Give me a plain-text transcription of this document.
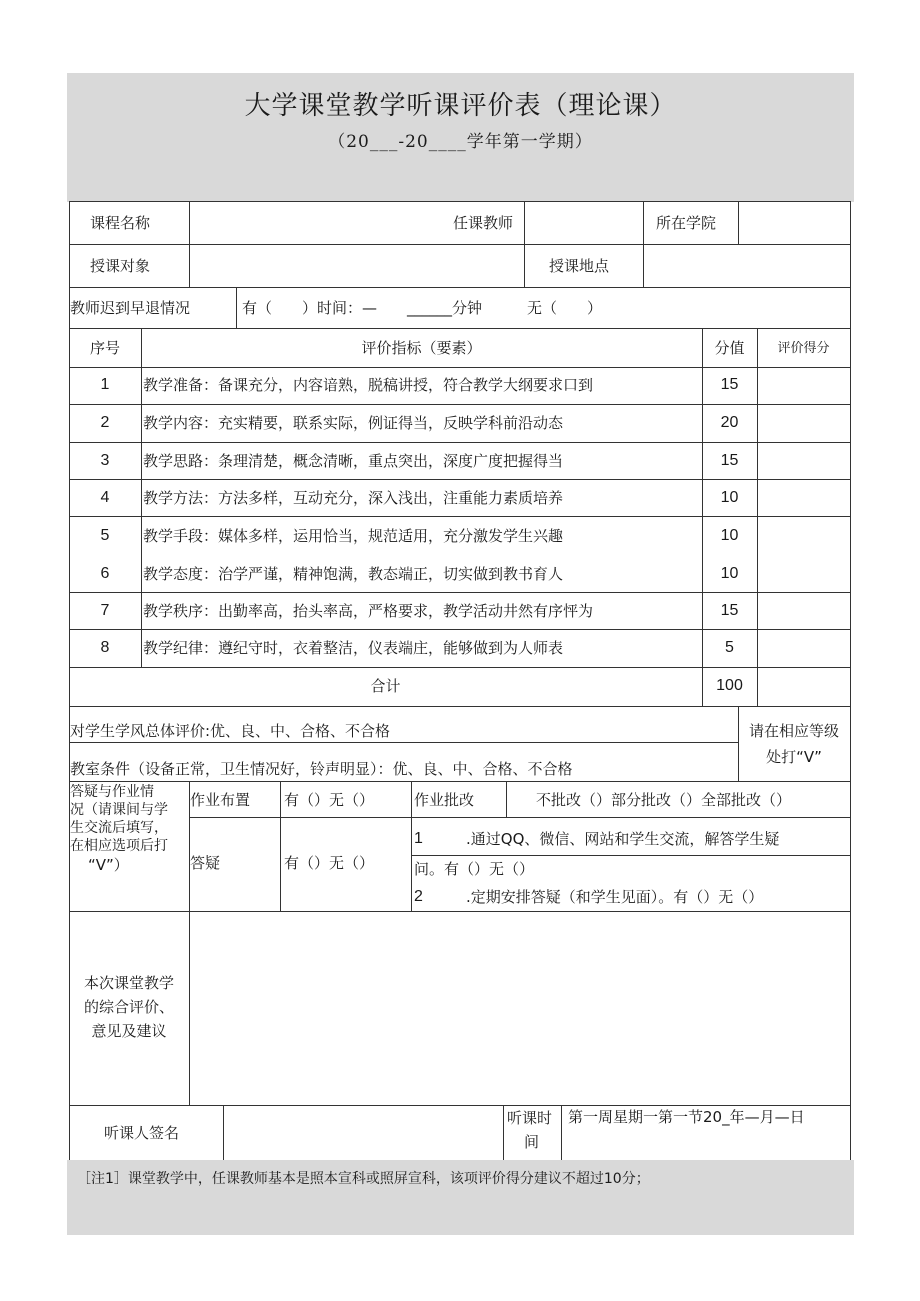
大学课堂教学听课评价表（理论课）
（20___-20____学年第一学期）
课程名称	任课教师	所在学院
授课对象	授课地点
教师迟到早退情况	有（　　）时间：—　　______分钟　　　无（　　）
序号	评价指标（要素）	分值	评价得分
1	教学准备：备课充分，内容谙熟，脱稿讲授，符合教学大纲要求口到	15
2	教学内容：充实精要，联系实际，例证得当，反映学科前沿动态	20
3	教学思路：条理清楚，概念清晰，重点突出，深度广度把握得当	15
4	教学方法：方法多样，互动充分，深入浅出，注重能力素质培养	10
5	教学手段：媒体多样，运用恰当，规范适用，充分激发学生兴趣	10
6	教学态度：治学严谨，精神饱满，教态端正，切实做到教书育人	10
7	教学秩序：出勤率高，抬头率高，严格要求，教学活动井然有序怦为	15
8	教学纪律：遵纪守时，衣着整洁，仪表端庄，能够做到为人师表	5
合计	100
对学生学风总体评价:优、良、中、合格、不合格
教室条件（设备正常，卫生情况好，铃声明显）：优、良、中、合格、不合格
请在相应等级
处打“V”
答疑与作业情
况（请课间与学
生交流后填写，
在相应选项后打
“V”）
作业布置 有（）无（）	作业批改	不批改（）部分批改（）全部批改（）
答疑	有（）无（）
1	.通过QQ、微信、网站和学生交流，解答学生疑
问。有（）无（）
2	.定期安排答疑（和学生见面）。有（）无（）
本次课堂教学
的综合评价、
意见及建议
听课人签名
听课时
间
第一周星期一第一节20_年—月—日
［注1］课堂教学中，任课教师基本是照本宣科或照屏宣科，该项评价得分建议不超过10分；
